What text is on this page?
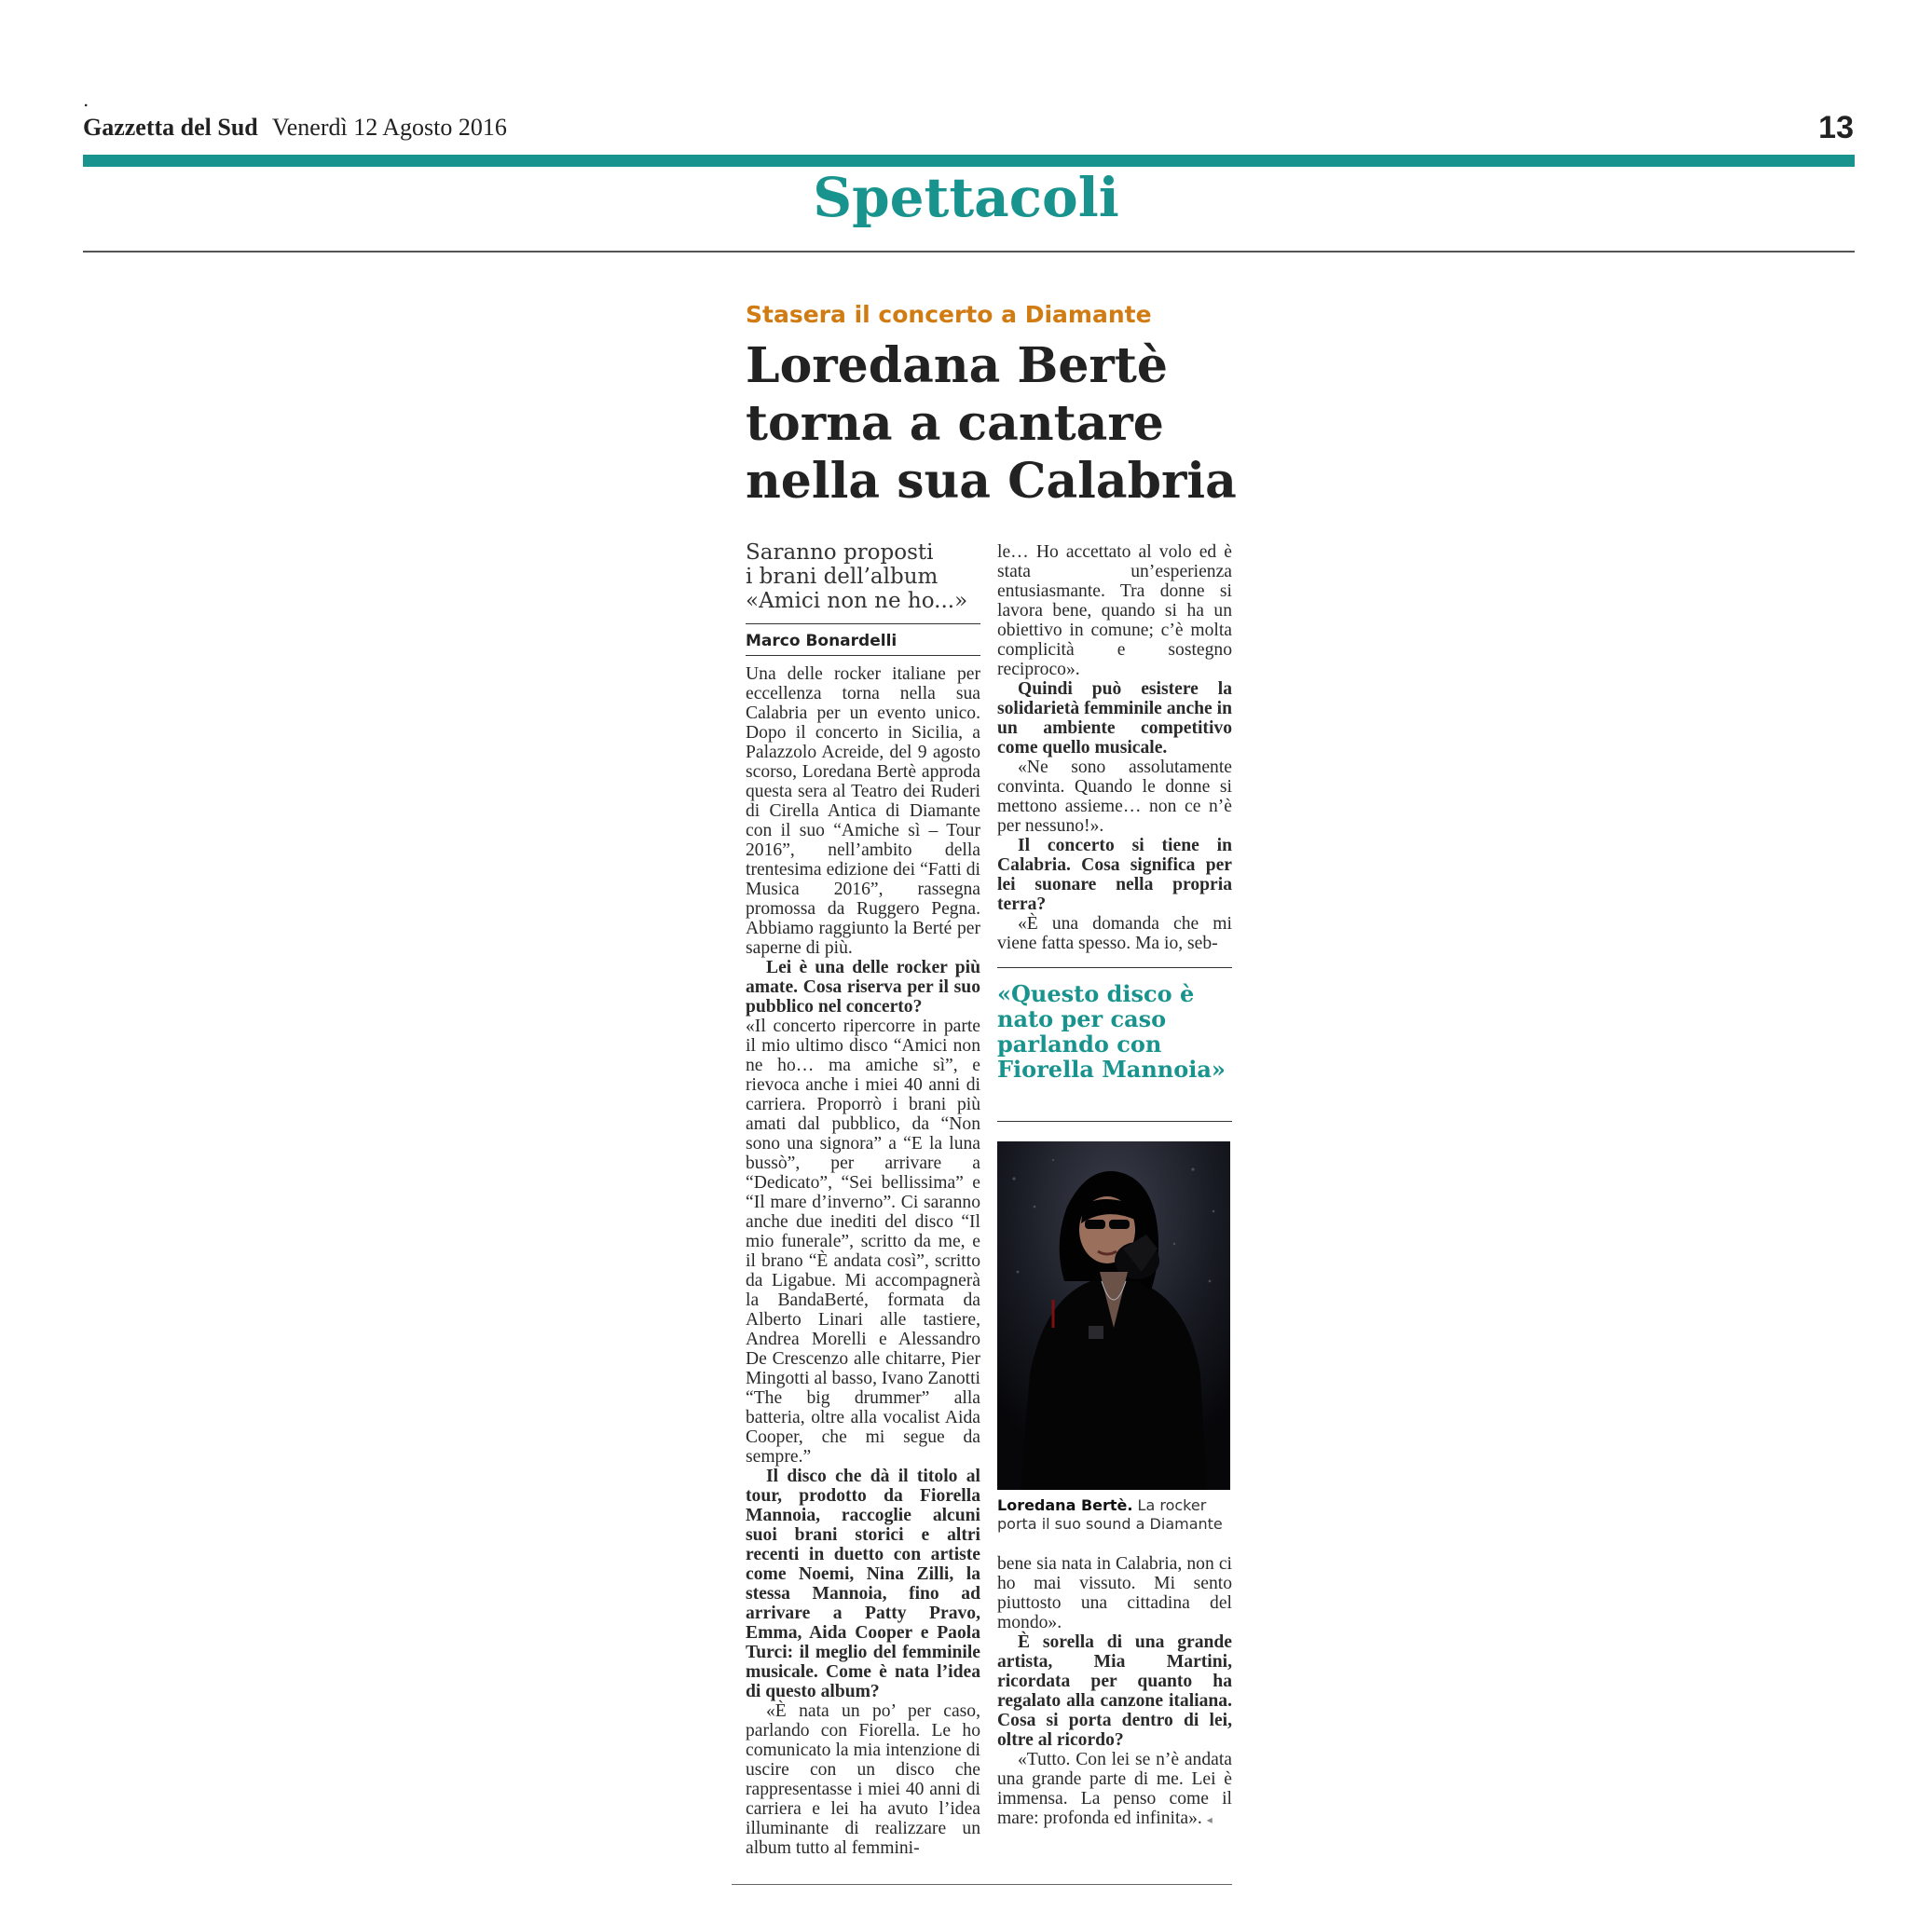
.
Gazzetta del Sud Venerdì 12 Agosto 2016	13
Spettacoli
Stasera il concerto a Diamante
Loredana Bertè
torna a cantare
nella sua Calabria
Saranno proposti
i brani dell’album
«Amici non ne ho...»
Marco Bonardelli

Una delle rocker italiane per eccellenza torna nella sua Calabria per un evento unico. Dopo il concerto in Sicilia, a Palazzolo Acreide, del 9 agosto scorso, Loredana Bertè approda questa sera al Teatro dei Ruderi di Cirella Antica di Diamante con il suo “Amiche sì – Tour 2016”, nell’ambito della trentesima edizione dei “Fatti di Musica 2016”, rassegna promossa da Ruggero Pegna. Abbiamo raggiunto la Berté per saperne di più.

Lei è una delle rocker più amate. Cosa riserva per il suo pubblico nel concerto?

«Il concerto ripercorre in parte il mio ultimo disco “Amici non ne ho… ma amiche sì”, e rievoca anche i miei 40 anni di carriera. Proporrò i brani più amati dal pubblico, da “Non sono una signora” a “E la luna bussò”, per arrivare a “Dedicato”, “Sei bellissima” e “Il mare d’inverno”. Ci saranno anche due inediti del disco “Il mio funerale”, scritto da me, e il brano “È andata così”, scritto da Ligabue. Mi accompagnerà la BandaBerté, formata da Alberto Linari alle tastiere, Andrea Morelli e Alessandro De Crescenzo alle chitarre, Pier Mingotti al basso, Ivano Zanotti “The big drummer” alla batteria, oltre alla vocalist Aida Cooper, che mi segue da sempre.”

Il disco che dà il titolo al tour, prodotto da Fiorella Mannoia, raccoglie alcuni suoi brani storici e altri recenti in duetto con artiste come Noemi, Nina Zilli, la stessa Mannoia, fino ad arrivare a Patty Pravo, Emma, Aida Cooper e Paola Turci: il meglio del femminile musicale. Come è nata l’idea di questo album?

«È nata un po’ per caso, parlando con Fiorella. Le ho comunicato la mia intenzione di uscire con un disco che rappresentasse i miei 40 anni di carriera e lei ha avuto l’idea illuminante di realizzare un album tutto al femmini-

le… Ho accettato al volo ed è stata un’esperienza entusiasmante. Tra donne si lavora bene, quando si ha un obiettivo in comune; c’è molta complicità e sostegno reciproco».

Quindi può esistere la solidarietà femminile anche in un ambiente competitivo come quello musicale.

«Ne sono assolutamente convinta. Quando le donne si mettono assieme… non ce n’è per nessuno!».

Il concerto si tiene in Calabria. Cosa significa per lei suonare nella propria terra?

«È una domanda che mi viene fatta spesso. Ma io, seb-

«Questo disco è nato per caso parlando con Fiorella Mannoia»
Loredana Bertè. La rocker porta il suo sound a Diamante

bene sia nata in Calabria, non ci ho mai vissuto. Mi sento piuttosto una cittadina del mondo».

È sorella di una grande artista, Mia Martini, ricordata per quanto ha regalato alla canzone italiana. Cosa si porta dentro di lei, oltre al ricordo?

«Tutto. Con lei se n’è andata una grande parte di me. Lei è immensa. La penso come il mare: profonda ed infinita». ◂
